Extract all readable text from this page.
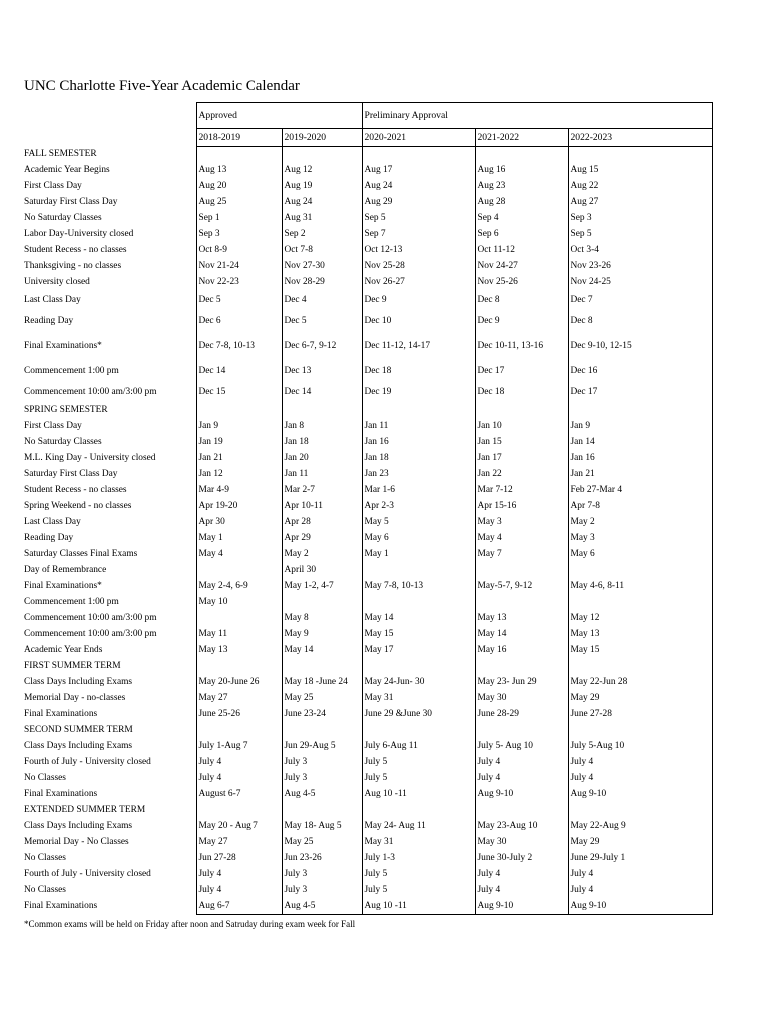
UNC Charlotte Five-Year Academic Calendar
	Approved		Preliminary Approval		
	2018-2019	2019-2020	2020-2021	2021-2022	2022-2023
FALL SEMESTER					
Academic Year Begins	Aug 13	Aug 12	Aug 17	Aug 16	Aug 15
First Class Day	Aug 20	Aug 19	Aug 24	Aug 23	Aug 22
Saturday First Class Day	Aug 25	Aug 24	Aug 29	Aug 28	Aug 27
No Saturday Classes	Sep 1	Aug 31	Sep 5	Sep 4	Sep 3
Labor Day-University closed	Sep 3	Sep 2	Sep 7	Sep 6	Sep 5
Student Recess - no classes	Oct 8-9	Oct 7-8	Oct 12-13	Oct 11-12	Oct 3-4
Thanksgiving - no classes	Nov 21-24	Nov 27-30	Nov 25-28	Nov 24-27	Nov 23-26
University closed	Nov 22-23	Nov 28-29	Nov 26-27	Nov 25-26	Nov 24-25
Last Class Day	Dec 5	Dec 4	Dec 9	Dec 8	Dec 7
Reading Day	Dec 6	Dec 5	Dec 10	Dec 9	Dec 8
Final Examinations*	Dec 7-8, 10-13	Dec 6-7, 9-12	Dec 11-12, 14-17	Dec 10-11, 13-16	Dec 9-10, 12-15
Commencement 1:00 pm	Dec 14	Dec 13	Dec 18	Dec 17	Dec 16
Commencement 10:00 am/3:00 pm	Dec 15	Dec 14	Dec 19	Dec 18	Dec 17
SPRING SEMESTER					
First Class Day	Jan 9	Jan 8	Jan 11	Jan 10	Jan 9
No Saturday Classes	Jan 19	Jan 18	Jan 16	Jan 15	Jan 14
M.L. King Day - University closed	Jan 21	Jan 20	Jan 18	Jan 17	Jan 16
Saturday First Class Day	Jan 12	Jan 11	Jan 23	Jan 22	Jan 21
Student Recess - no classes	Mar 4-9	Mar 2-7	Mar 1-6	Mar 7-12	Feb 27-Mar 4
Spring Weekend - no classes	Apr 19-20	Apr 10-11	Apr 2-3	Apr 15-16	Apr 7-8
Last Class Day	Apr 30	Apr 28	May 5	May 3	May 2
Reading Day	May 1	Apr 29	May 6	May 4	May 3
Saturday Classes Final Exams	May 4	May 2	May 1	May 7	May 6
Day of Remembrance		April 30			
Final Examinations*	May 2-4, 6-9	May 1-2, 4-7	May 7-8, 10-13	May-5-7, 9-12	May 4-6, 8-11
Commencement 1:00 pm	May 10				
Commencement 10:00 am/3:00 pm		May 8	May 14	May 13	May 12
Commencement 10:00 am/3:00 pm	May 11	May 9	May 15	May 14	May 13
Academic Year Ends	May 13	May 14	May 17	May 16	May 15
FIRST SUMMER TERM					
Class Days Including Exams	May 20-June 26	May 18 -June 24	May 24-Jun- 30	May 23- Jun 29	May 22-Jun 28
Memorial Day - no-classes	May 27	May 25	May 31	May 30	May 29
Final Examinations	June 25-26	June 23-24	June 29 &June 30	June 28-29	June 27-28
SECOND SUMMER TERM					
Class Days Including Exams	July 1-Aug 7	Jun 29-Aug 5	July 6-Aug 11	July 5- Aug 10	July 5-Aug 10
Fourth of July - University closed	July 4	July 3	July 5	July 4	July 4
No Classes	July 4	July 3	July 5	July 4	July 4
Final Examinations	August 6-7	Aug 4-5	Aug 10 -11	Aug 9-10	Aug 9-10
EXTENDED SUMMER TERM					
Class Days Including Exams	May 20 - Aug 7	May 18- Aug 5	May 24- Aug 11	May 23-Aug 10	May 22-Aug 9
Memorial Day - No Classes	May 27	May 25	May 31	May 30	May 29
No Classes	Jun 27-28	Jun 23-26	July 1-3	June 30-July 2	June 29-July 1
Fourth of July - University closed	July 4	July 3	July 5	July 4	July 4
No Classes	July 4	July 3	July 5	July 4	July 4
Final Examinations	Aug 6-7	Aug 4-5	Aug 10 -11	Aug 9-10	Aug 9-10
*Common exams will be held on Friday after noon and Satruday during exam week for Fall
